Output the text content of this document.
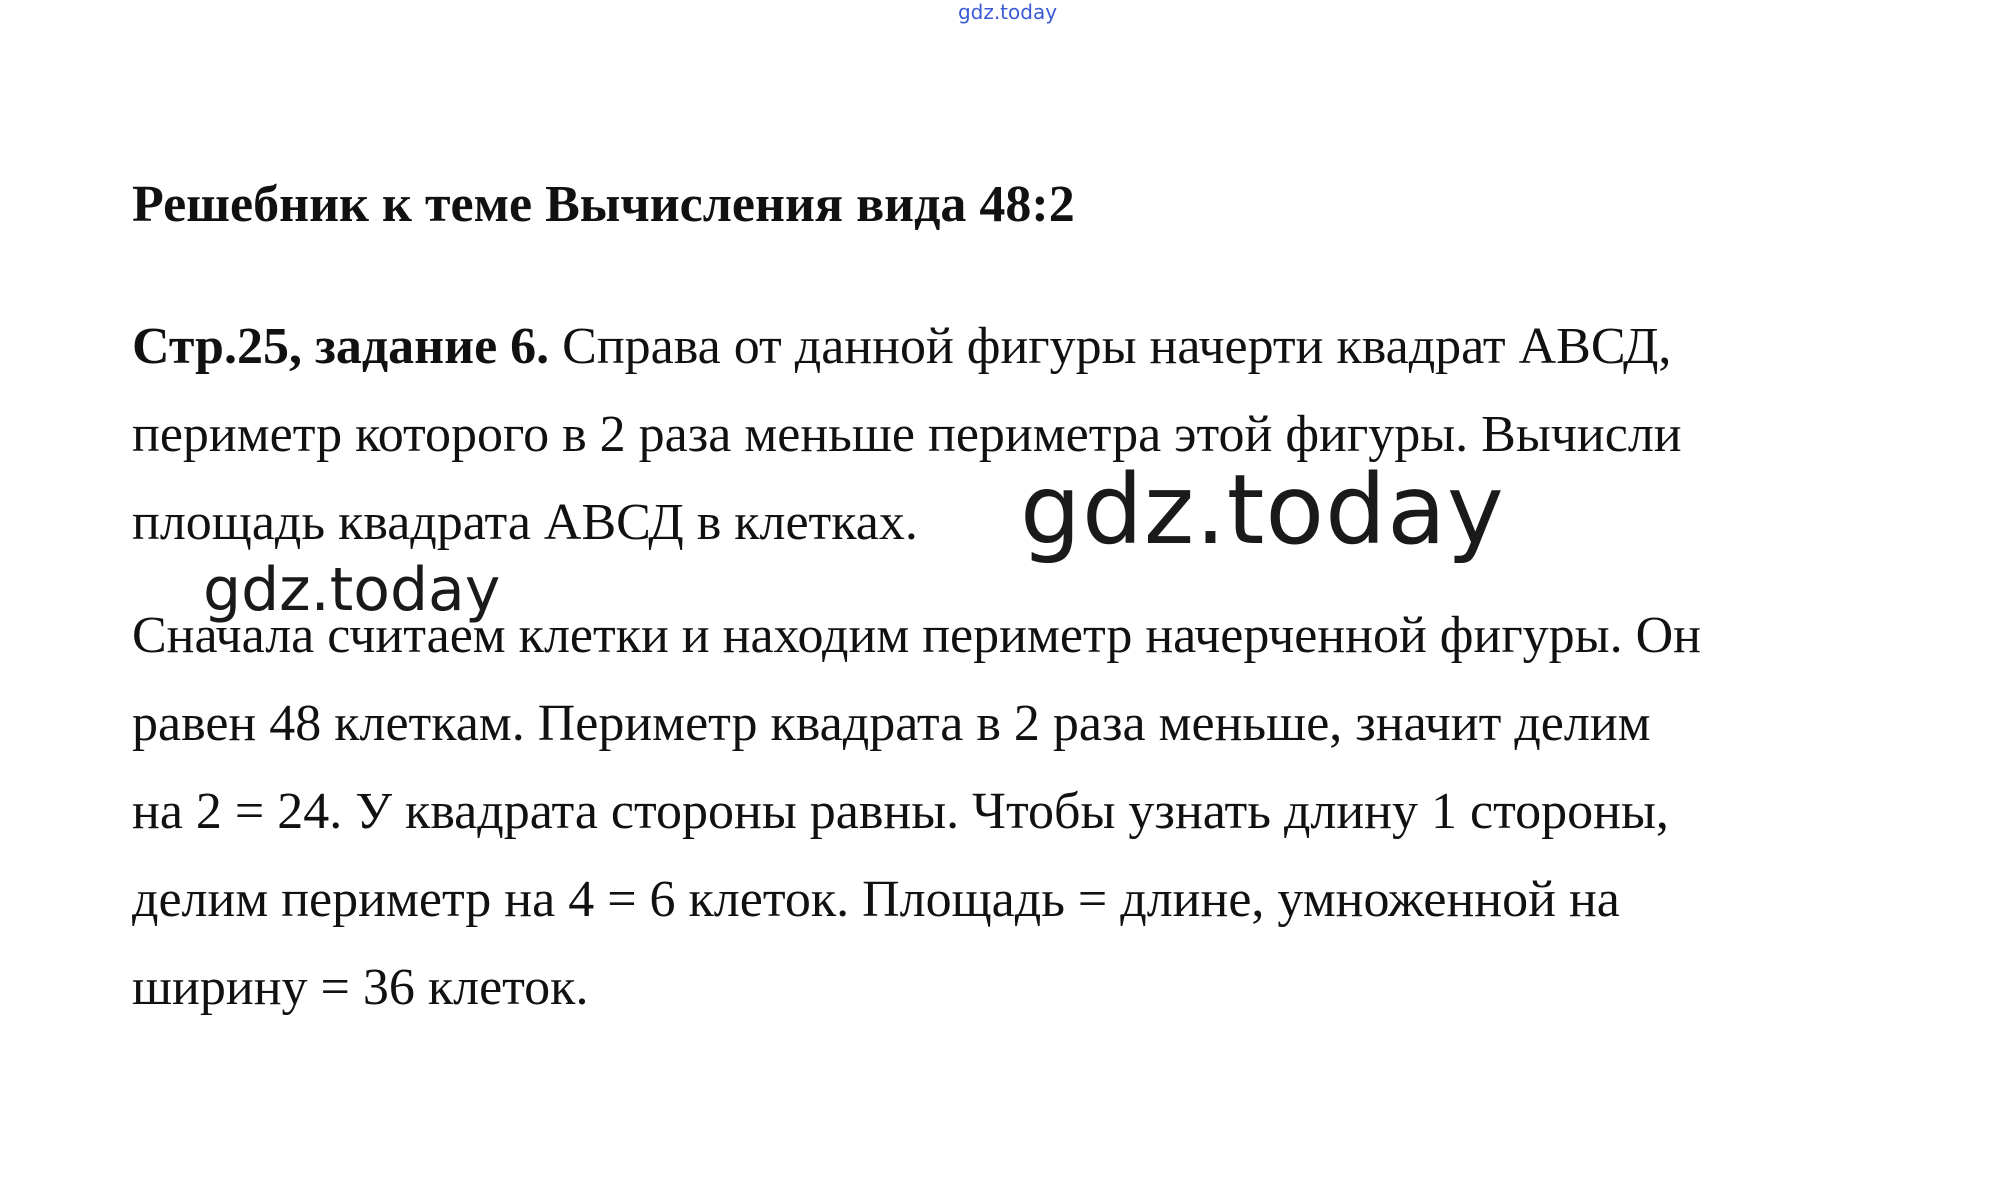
gdz.today
Решебник к теме Вычисления вида 48:2
Стр.25, задание 6. Справа от данной фигуры начерти квадрат АВСД,
периметр которого в 2 раза меньше периметра этой фигуры. Вычисли
площадь квадрата АВСД в клетках.
Сначала считаем клетки и находим периметр начерченной фигуры. Он
равен 48 клеткам. Периметр квадрата в 2 раза меньше, значит делим
на 2 = 24. У квадрата стороны равны. Чтобы узнать длину 1 стороны,
делим периметр на 4 = 6 клеток. Площадь = длине, умноженной на
ширину = 36 клеток.
gdz.today
gdz.today
